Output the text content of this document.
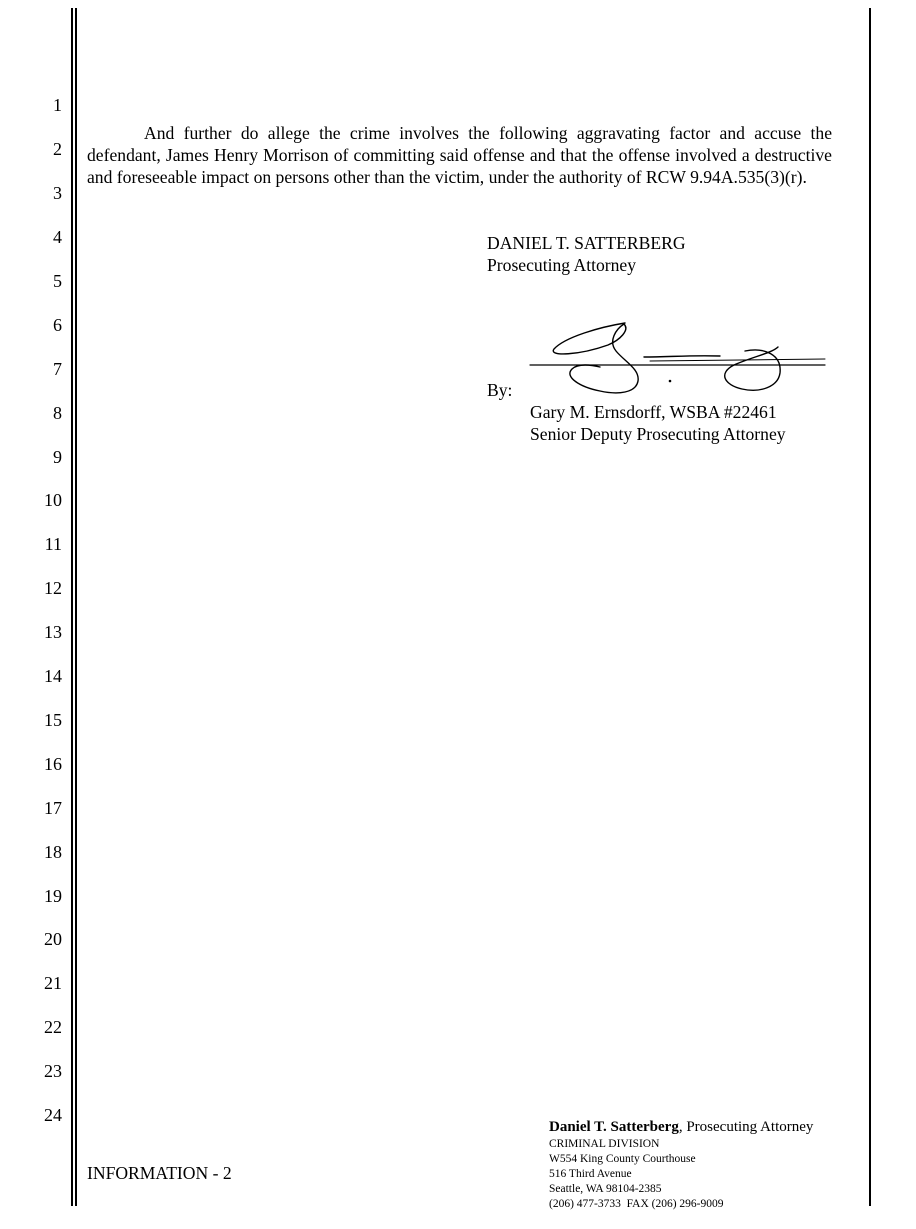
1
2
3
4
5
6
7
8
9
10
11
12
13
14
15
16
17
18
19
20
21
22
23
24

And further do allege the crime involves the following aggravating factor and accuse the defendant, James Henry Morrison of committing said offense and that the offense involved a destructive and foreseeable impact on persons other than the victim, under the authority of RCW 9.94A.535(3)(r).

DANIEL T. SATTERBERG
Prosecuting Attorney
By:
Gary M. Ernsdorff, WSBA #22461
Senior Deputy Prosecuting Attorney
INFORMATION - 2
Daniel T. Satterberg, Prosecuting Attorney
CRIMINAL DIVISION
W554 King County Courthouse
516 Third Avenue
Seattle, WA 98104-2385
(206) 477-3733  FAX (206) 296-9009
